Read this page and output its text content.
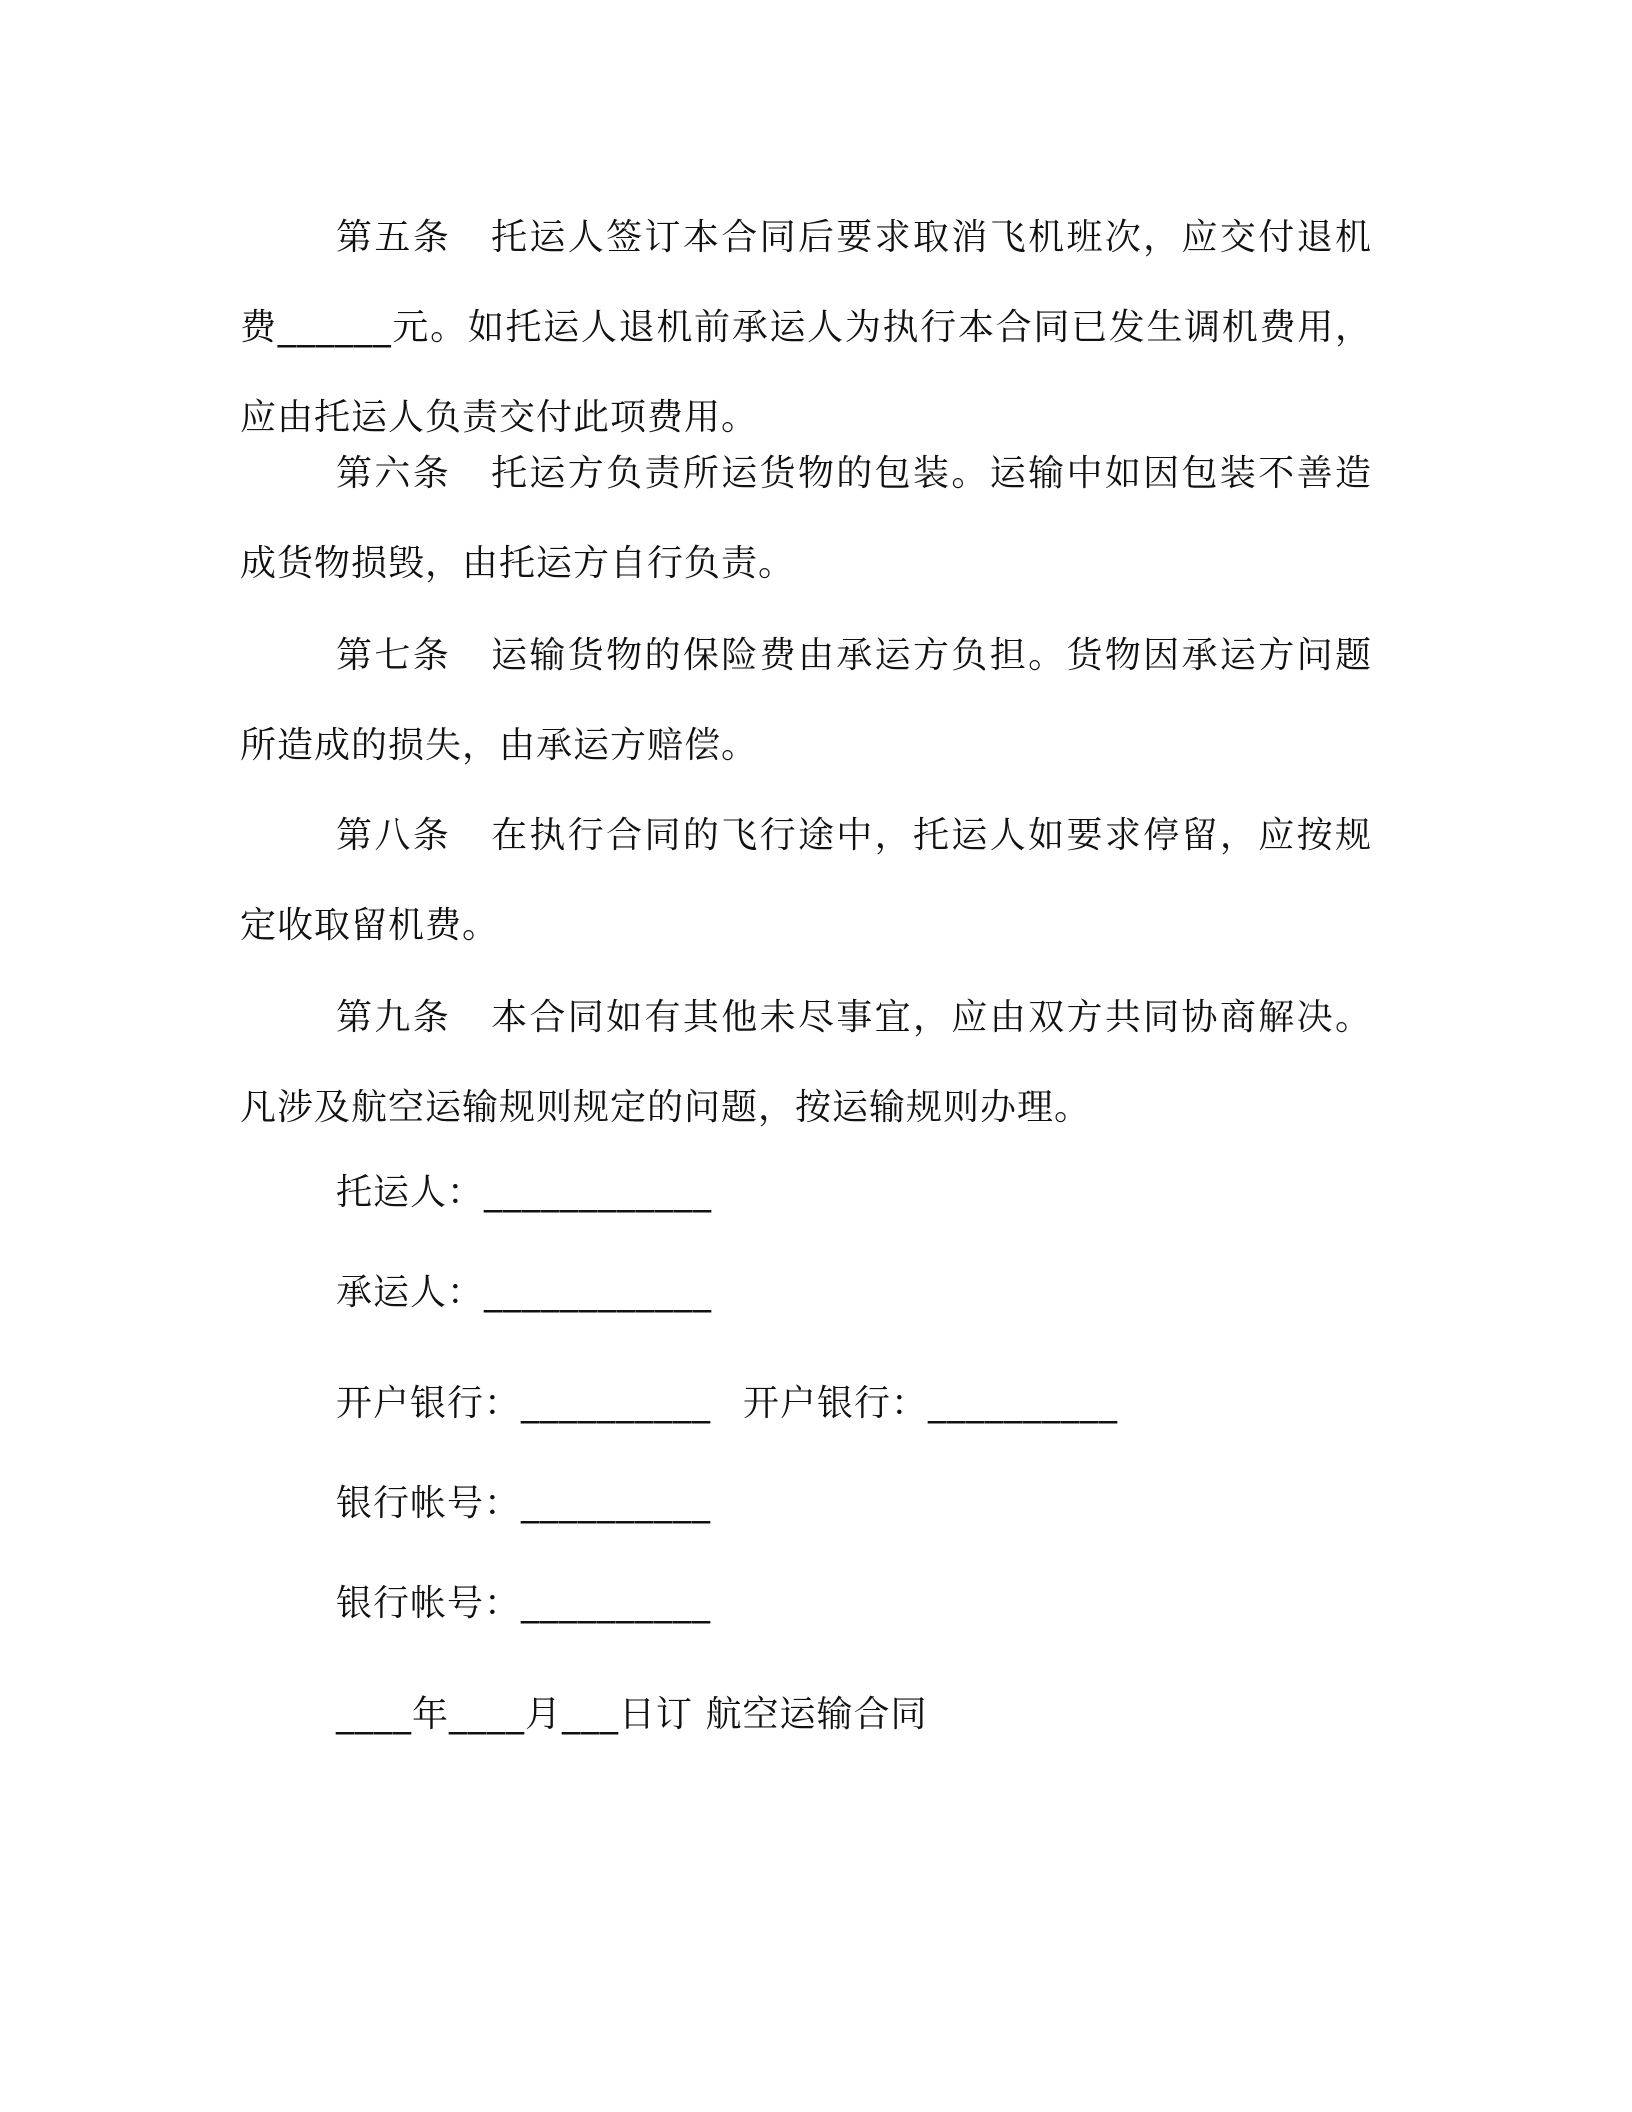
第五条 托运人签订本合同后要求取消飞机班次，应交付退机费______元。如托运人退机前承运人为执行本合同已发生调机费用，应由托运人负责交付此项费用。

第六条 托运方负责所运货物的包装。运输中如因包装不善造成货物损毁，由托运方自行负责。

第七条 运输货物的保险费由承运方负担。货物因承运方问题所造成的损失，由承运方赔偿。

第八条 在执行合同的飞行途中，托运人如要求停留，应按规定收取留机费。

第九条 本合同如有其他未尽事宜，应由双方共同协商解决。凡涉及航空运输规则规定的问题，按运输规则办理。

托运人：____________

承运人：____________

开户银行：__________ 开户银行：__________

银行帐号：__________

银行帐号：__________

____年____月___日订 航空运输合同
